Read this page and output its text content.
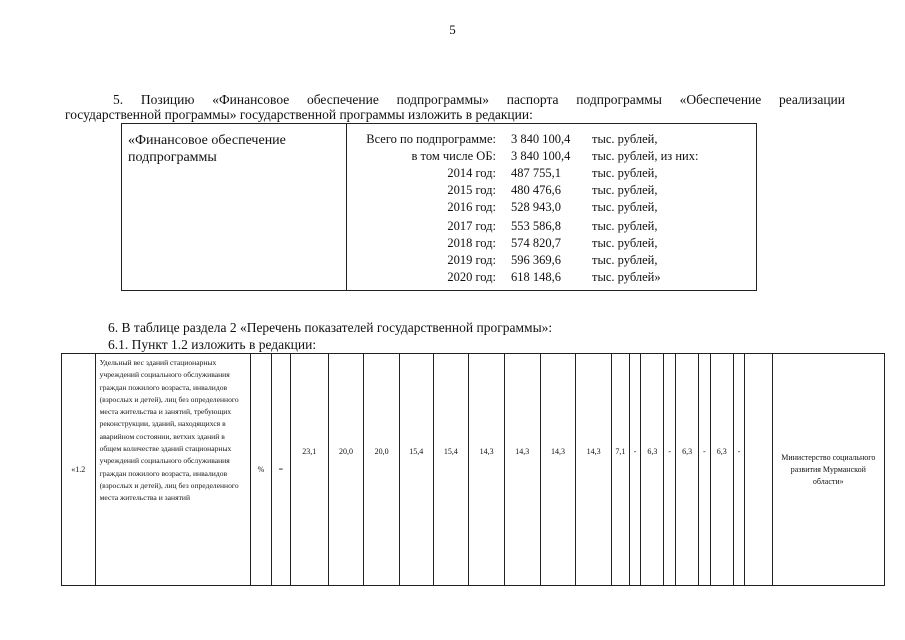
5
5. Позицию «Финансовое обеспечение подпрограммы» паспорта подпрограммы «Обеспечение реализации
государственной программы» государственной программы изложить в редакции:
«Финансовое обеспечение подпрограммы
Всего по подпрограмме: 3 840 100,4 тыс. рублей,
в том числе ОБ: 3 840 100,4 тыс. рублей, из них:
2014 год: 487 755,1 тыс. рублей,
2015 год: 480 476,6 тыс. рублей,
2016 год: 528 943,0 тыс. рублей,
2017 год: 553 586,8 тыс. рублей,
2018 год: 574 820,7 тыс. рублей,
2019 год: 596 369,6 тыс. рублей,
2020 год: 618 148,6 тыс. рублей»
6. В таблице раздела 2 «Перечень показателей государственной программы»:
6.1. Пункт 1.2 изложить в редакции:
«1.2	Удельный вес зданий стационарных учреждений социального обслуживания граждан пожилого возраста, инвалидов (взрослых и детей), лиц без определенного места жительства и занятий, требующих реконструкции, зданий, находящихся в аварийном состоянии, ветхих зданий в общем количестве зданий стационарных учреждений социального обслуживания граждан пожилого возраста, инвалидов (взрослых и детей), лиц без определенного места жительства и занятий	%	=	23,1	20,0	20,0	15,4	15,4	14,3	14,3	14,3	14,3	7,1	-	6,3	-	6,3	-	6,3	-		Министерство социального развития Мурманской области»
